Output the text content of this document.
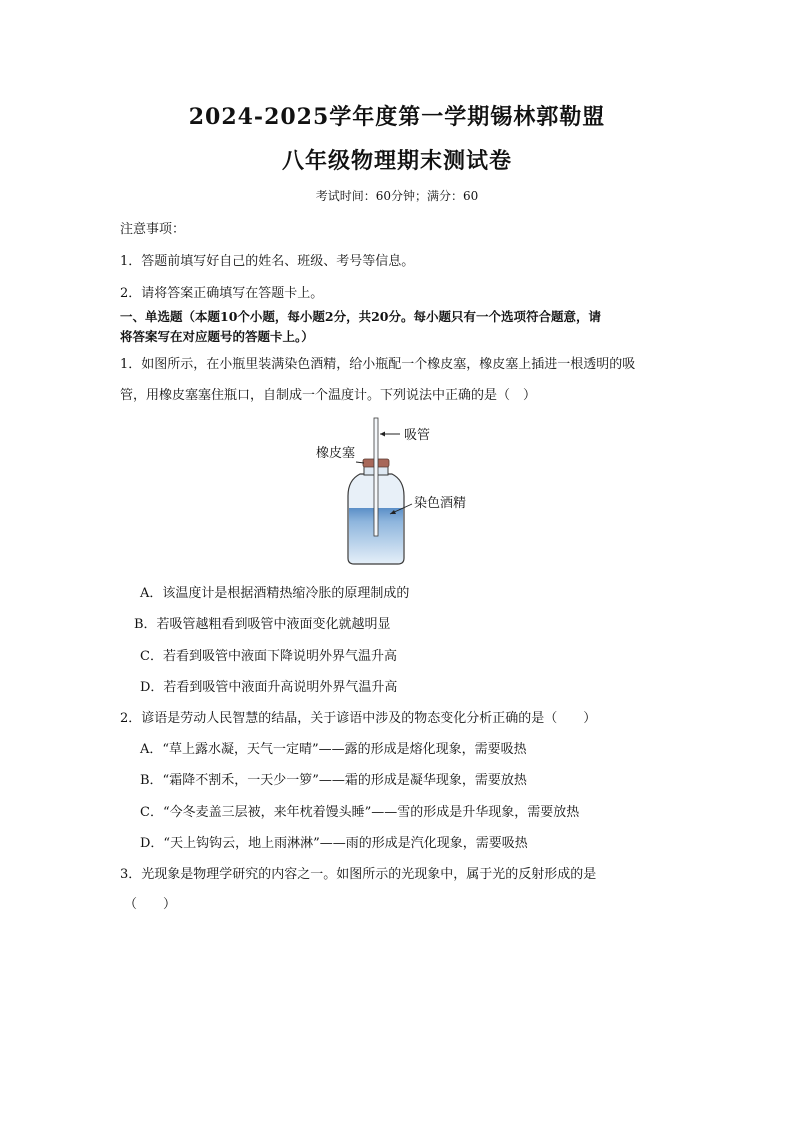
2024-2025学年度第一学期锡林郭勒盟
八年级物理期末测试卷
考试时间：60分钟；满分：60
注意事项：
1．答题前填写好自己的姓名、班级、考号等信息。
2．请将答案正确填写在答题卡上。
一、单选题（本题10个小题，每小题2分，共20分。每小题只有一个选项符合题意，请
将答案写在对应题号的答题卡上。）
1．如图所示，在小瓶里装满染色酒精，给小瓶配一个橡皮塞，橡皮塞上插进一根透明的吸
管，用橡皮塞塞住瓶口，自制成一个温度计。下列说法中正确的是（　）
吸管
橡皮塞
染色酒精
A．该温度计是根据酒精热缩冷胀的原理制成的
B．若吸管越粗看到吸管中液面变化就越明显
C．若看到吸管中液面下降说明外界气温升高
D．若看到吸管中液面升高说明外界气温升高
2．谚语是劳动人民智慧的结晶，关于谚语中涉及的物态变化分析正确的是（　　）
A．“草上露水凝，天气一定晴”——露的形成是熔化现象，需要吸热
B．“霜降不割禾，一天少一箩”——霜的形成是凝华现象，需要放热
C．“今冬麦盖三层被，来年枕着馒头睡”——雪的形成是升华现象，需要放热
D．“天上钩钩云，地上雨淋淋”——雨的形成是汽化现象，需要吸热
3．光现象是物理学研究的内容之一。如图所示的光现象中，属于光的反射形成的是
（　　）
